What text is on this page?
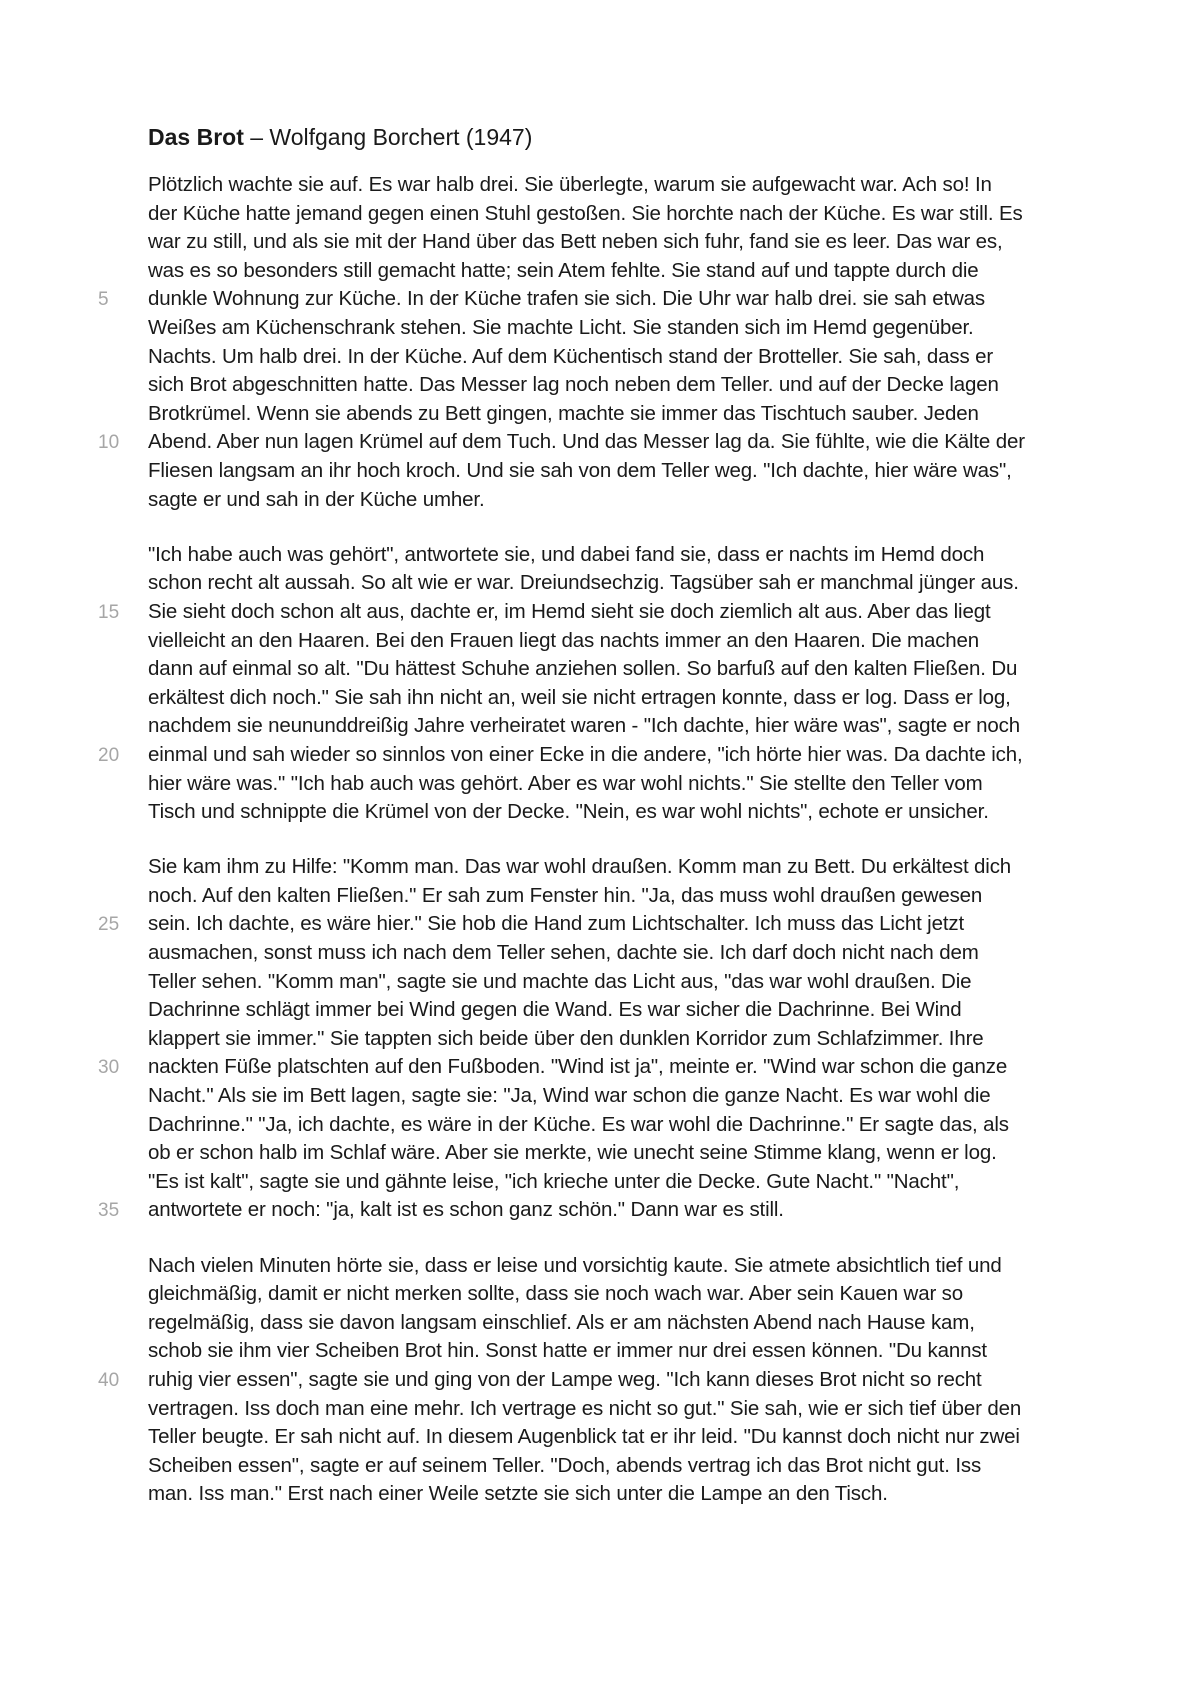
Das Brot – Wolfgang Borchert (1947)
Plötzlich wachte sie auf. Es war halb drei. Sie überlegte, warum sie aufgewacht war. Ach so! In
der Küche hatte jemand gegen einen Stuhl gestoßen. Sie horchte nach der Küche. Es war still. Es
war zu still, und als sie mit der Hand über das Bett neben sich fuhr, fand sie es leer. Das war es,
was es so besonders still gemacht hatte; sein Atem fehlte. Sie stand auf und tappte durch die
dunkle Wohnung zur Küche. In der Küche trafen sie sich. Die Uhr war halb drei. sie sah etwas
Weißes am Küchenschrank stehen. Sie machte Licht. Sie standen sich im Hemd gegenüber.
Nachts. Um halb drei. In der Küche. Auf dem Küchentisch stand der Brotteller. Sie sah, dass er
sich Brot abgeschnitten hatte. Das Messer lag noch neben dem Teller. und auf der Decke lagen
Brotkrümel. Wenn sie abends zu Bett gingen, machte sie immer das Tischtuch sauber. Jeden
Abend. Aber nun lagen Krümel auf dem Tuch. Und das Messer lag da. Sie fühlte, wie die Kälte der
Fliesen langsam an ihr hoch kroch. Und sie sah von dem Teller weg. "Ich dachte, hier wäre was",
sagte er und sah in der Küche umher.
"Ich habe auch was gehört", antwortete sie, und dabei fand sie, dass er nachts im Hemd doch
schon recht alt aussah. So alt wie er war. Dreiundsechzig. Tagsüber sah er manchmal jünger aus.
Sie sieht doch schon alt aus, dachte er, im Hemd sieht sie doch ziemlich alt aus. Aber das liegt
vielleicht an den Haaren. Bei den Frauen liegt das nachts immer an den Haaren. Die machen
dann auf einmal so alt. "Du hättest Schuhe anziehen sollen. So barfuß auf den kalten Fließen. Du
erkältest dich noch." Sie sah ihn nicht an, weil sie nicht ertragen konnte, dass er log. Dass er log,
nachdem sie neununddreißig Jahre verheiratet waren - "Ich dachte, hier wäre was", sagte er noch
einmal und sah wieder so sinnlos von einer Ecke in die andere, "ich hörte hier was. Da dachte ich,
hier wäre was." "Ich hab auch was gehört. Aber es war wohl nichts." Sie stellte den Teller vom
Tisch und schnippte die Krümel von der Decke. "Nein, es war wohl nichts", echote er unsicher.
Sie kam ihm zu Hilfe: "Komm man. Das war wohl draußen. Komm man zu Bett. Du erkältest dich
noch. Auf den kalten Fließen." Er sah zum Fenster hin. "Ja, das muss wohl draußen gewesen
sein. Ich dachte, es wäre hier." Sie hob die Hand zum Lichtschalter. Ich muss das Licht jetzt
ausmachen, sonst muss ich nach dem Teller sehen, dachte sie. Ich darf doch nicht nach dem
Teller sehen. "Komm man", sagte sie und machte das Licht aus, "das war wohl draußen. Die
Dachrinne schlägt immer bei Wind gegen die Wand. Es war sicher die Dachrinne. Bei Wind
klappert sie immer." Sie tappten sich beide über den dunklen Korridor zum Schlafzimmer. Ihre
nackten Füße platschten auf den Fußboden. "Wind ist ja", meinte er. "Wind war schon die ganze
Nacht." Als sie im Bett lagen, sagte sie: "Ja, Wind war schon die ganze Nacht. Es war wohl die
Dachrinne." "Ja, ich dachte, es wäre in der Küche. Es war wohl die Dachrinne." Er sagte das, als
ob er schon halb im Schlaf wäre. Aber sie merkte, wie unecht seine Stimme klang, wenn er log.
"Es ist kalt", sagte sie und gähnte leise, "ich krieche unter die Decke. Gute Nacht." "Nacht",
antwortete er noch: "ja, kalt ist es schon ganz schön." Dann war es still.
Nach vielen Minuten hörte sie, dass er leise und vorsichtig kaute. Sie atmete absichtlich tief und
gleichmäßig, damit er nicht merken sollte, dass sie noch wach war. Aber sein Kauen war so
regelmäßig, dass sie davon langsam einschlief. Als er am nächsten Abend nach Hause kam,
schob sie ihm vier Scheiben Brot hin. Sonst hatte er immer nur drei essen können. "Du kannst
ruhig vier essen", sagte sie und ging von der Lampe weg. "Ich kann dieses Brot nicht so recht
vertragen. Iss doch man eine mehr. Ich vertrage es nicht so gut." Sie sah, wie er sich tief über den
Teller beugte. Er sah nicht auf. In diesem Augenblick tat er ihr leid. "Du kannst doch nicht nur zwei
Scheiben essen", sagte er auf seinem Teller. "Doch, abends vertrag ich das Brot nicht gut. Iss
man. Iss man." Erst nach einer Weile setzte sie sich unter die Lampe an den Tisch.
5
10
15
20
25
30
35
40
